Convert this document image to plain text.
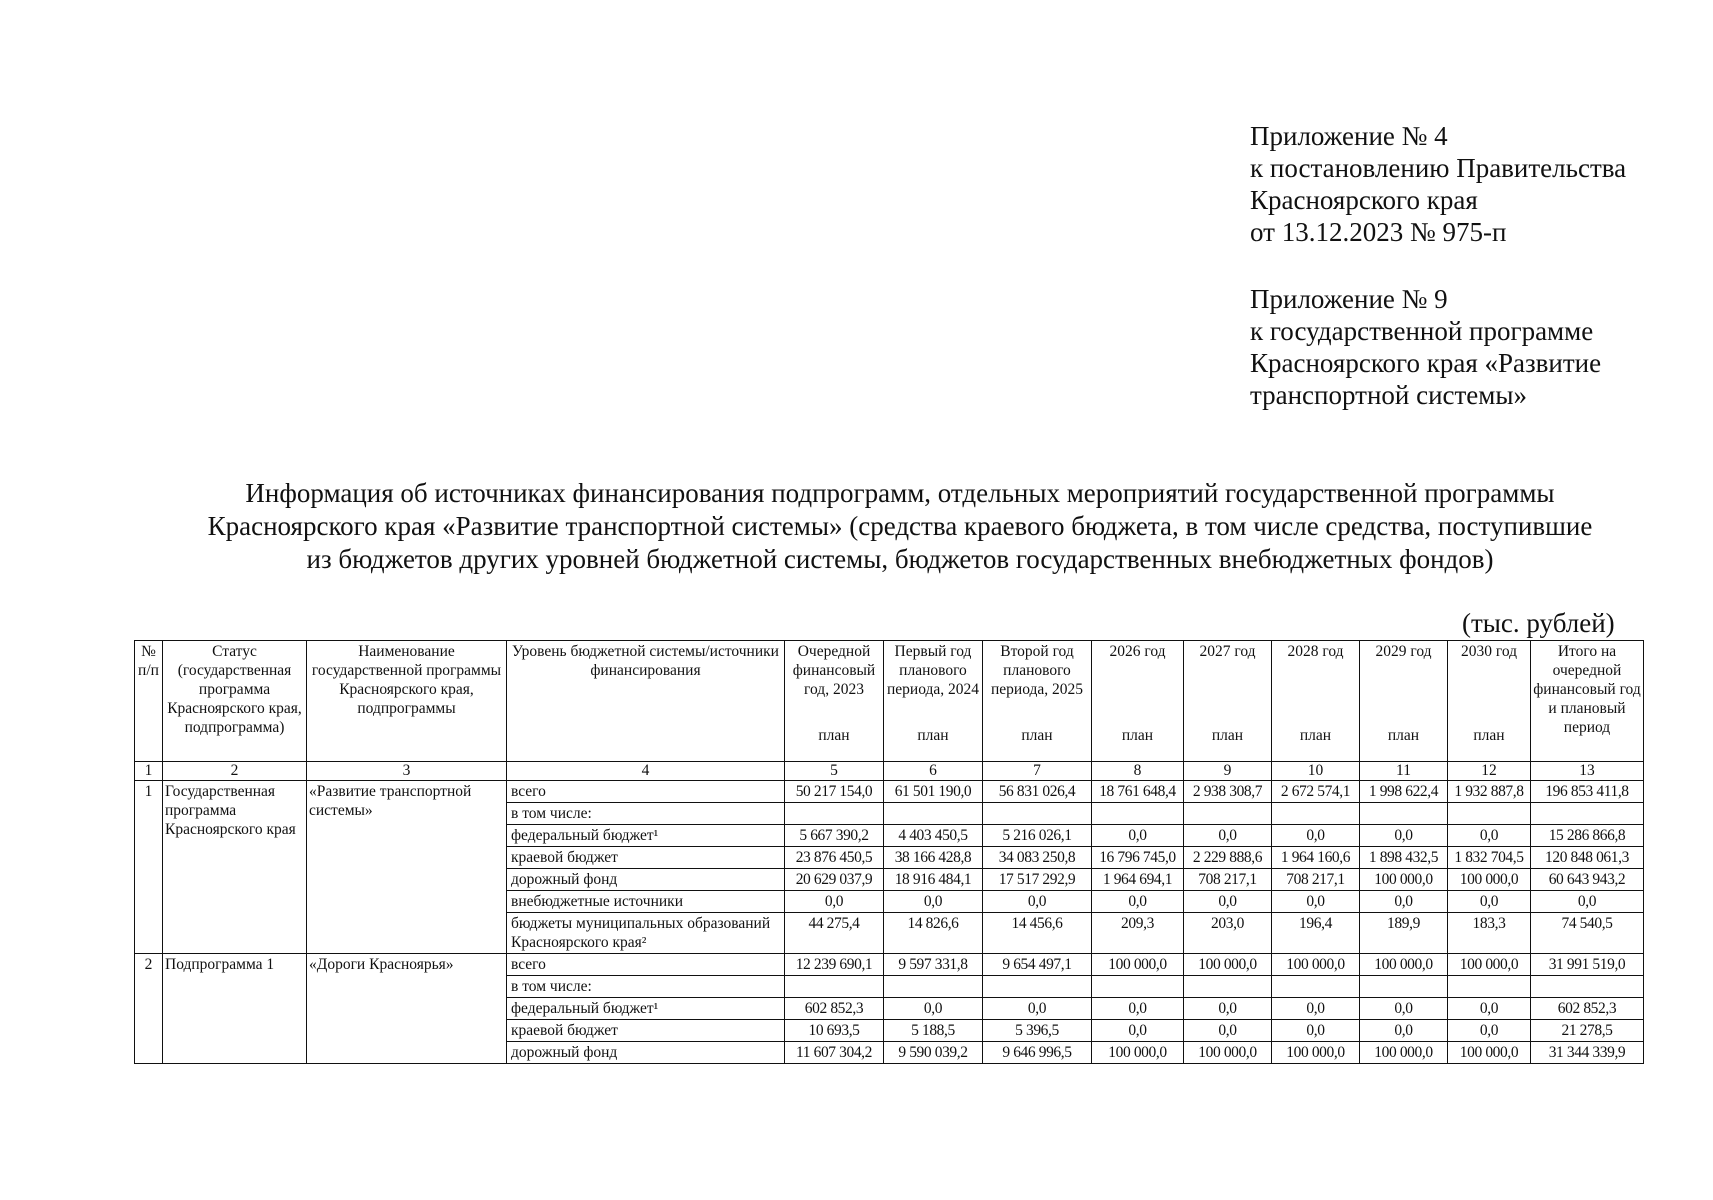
Приложение № 4
к постановлению Правительства
Красноярского края
от 13.12.2023 № 975-п
Приложение № 9
к государственной программе
Красноярского края «Развитие
транспортной системы»
Информация об источниках финансирования подпрограмм, отдельных мероприятий государственной программы
Красноярского края «Развитие транспортной системы» (средства краевого бюджета, в том числе средства, поступившие
из бюджетов других уровней бюджетной системы, бюджетов государственных внебюджетных фондов)
(тыс. рублей)
№ п/п	Статус (государственная программа Красноярского края, подпрограмма)	Наименование государственной программы Красноярского края, подпрограммы	Уровень бюджетной системы/источники финансирования	Очередной финансовый год, 2023	Первый год планового периода, 2024	Второй год планового периода, 2025	2026 год	2027 год	2028 год	2029 год	2030 год	Итого на очередной финансовый год и плановый период
				план	план	план	план	план	план	план	план	
1	2	3	4	5	6	7	8	9	10	11	12	13
1	Государственная программа Красноярского края	«Развитие транспортной системы»	всего	50 217 154,0	61 501 190,0	56 831 026,4	18 761 648,4	2 938 308,7	2 672 574,1	1 998 622,4	1 932 887,8	196 853 411,8
			в том числе:									
			федеральный бюджет¹	5 667 390,2	4 403 450,5	5 216 026,1	0,0	0,0	0,0	0,0	0,0	15 286 866,8
			краевой бюджет	23 876 450,5	38 166 428,8	34 083 250,8	16 796 745,0	2 229 888,6	1 964 160,6	1 898 432,5	1 832 704,5	120 848 061,3
			дорожный фонд	20 629 037,9	18 916 484,1	17 517 292,9	1 964 694,1	708 217,1	708 217,1	100 000,0	100 000,0	60 643 943,2
			внебюджетные источники	0,0	0,0	0,0	0,0	0,0	0,0	0,0	0,0	0,0
			бюджеты муниципальных образований Красноярского края²	44 275,4	14 826,6	14 456,6	209,3	203,0	196,4	189,9	183,3	74 540,5
2	Подпрограмма 1	«Дороги Красноярья»	всего	12 239 690,1	9 597 331,8	9 654 497,1	100 000,0	100 000,0	100 000,0	100 000,0	100 000,0	31 991 519,0
			в том числе:									
			федеральный бюджет¹	602 852,3	0,0	0,0	0,0	0,0	0,0	0,0	0,0	602 852,3
			краевой бюджет	10 693,5	5 188,5	5 396,5	0,0	0,0	0,0	0,0	0,0	21 278,5
			дорожный фонд	11 607 304,2	9 590 039,2	9 646 996,5	100 000,0	100 000,0	100 000,0	100 000,0	100 000,0	31 344 339,9
